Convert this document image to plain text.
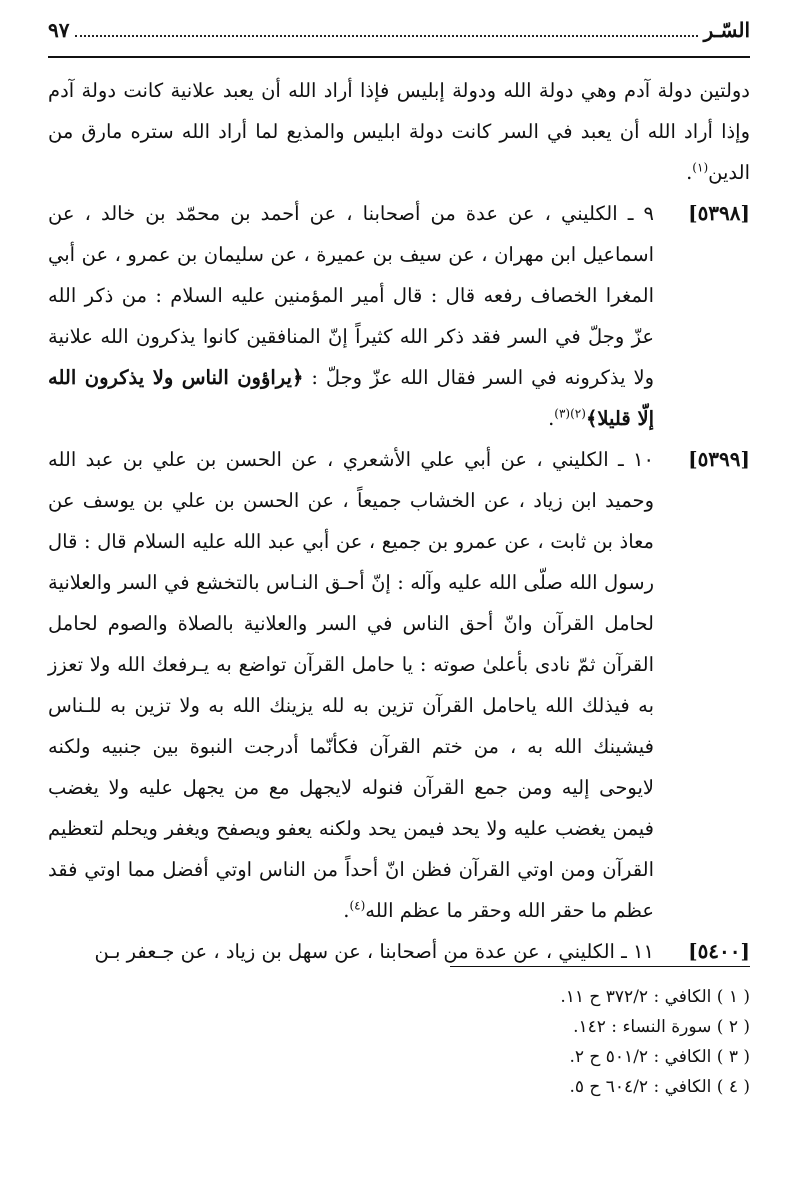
السّـر
٩٧

دولتين دولة آدم وهي دولة الله ودولة إبليس فإذا أراد الله أن يعبد علانية كانت دولة آدم وإذا أراد الله أن يعبد في السر كانت دولة ابليس والمذيع لما أراد الله ستره مارق من الدين$^{(١)}$.

[٥٣٩٨]
٩ ـ الكليني ، عن عدة من أصحابنا ، عن أحمد بن محمّد بن خالد ، عن اسماعيل ابن مهران ، عن سيف بن عميرة ، عن سليمان بن عمرو ، عن أبي المغرا الخصاف رفعه قال : قال أمير المؤمنين عليه السلام : من ذكر الله عزّ وجلّ في السر فقد ذكر الله كثيراً إنّ المنافقين كانوا يذكرون الله علانية ولا يذكرونه في السر فقال الله عزّ وجلّ : ﴿يراؤون الناس ولا يذكرون الله إلّا قليلا﴾$^{(٢)(٣)}$.

[٥٣٩٩]
١٠ ـ الكليني ، عن أبي علي الأشعري ، عن الحسن بن علي بن عبد الله وحميد ابن زياد ، عن الخشاب جميعاً ، عن الحسن بن علي بن يوسف عن معاذ بن ثابت ، عن عمرو بن جميع ، عن أبي عبد الله عليه السلام قال : قال رسول الله صلّى الله عليه وآله : إنّ أحـق النـاس بالتخشع في السر والعلانية لحامل القرآن وانّ أحق الناس في السر والعلانية بالصلاة والصوم لحامل القرآن ثمّ نادى بأعلىٰ صوته : يا حامل القرآن تواضع به يـرفعك الله ولا تعزز به فيذلك الله ياحامل القرآن تزين به لله يزينك الله به ولا تزين به للـناس فيشينك الله به ، من ختم القرآن فكأنّما أدرجت النبوة بين جنبيه ولكنه لايوحى إليه ومن جمع القرآن فنوله لايجهل مع من يجهل عليه ولا يغضب فيمن يغضب عليه ولا يحد فيمن يحد ولكنه يعفو ويصفح ويغفر ويحلم لتعظيم القرآن ومن اوتي القرآن فظن انّ أحداً من الناس اوتي أفضل مما اوتي فقد عظم ما حقر الله وحقر ما عظم الله$^{(٤)}$.

[٥٤٠٠]
١١ ـ الكليني ، عن عدة من أصحابنا ، عن سهل بن زياد ، عن جـعفر بـن

( ١ ) الكافي : ٣٧٢/٢ ح ١١.

( ٢ ) سورة النساء : ١٤٢.

( ٣ ) الكافي : ٥٠١/٢ ح ٢.

( ٤ ) الكافي : ٦٠٤/٢ ح ٥.
